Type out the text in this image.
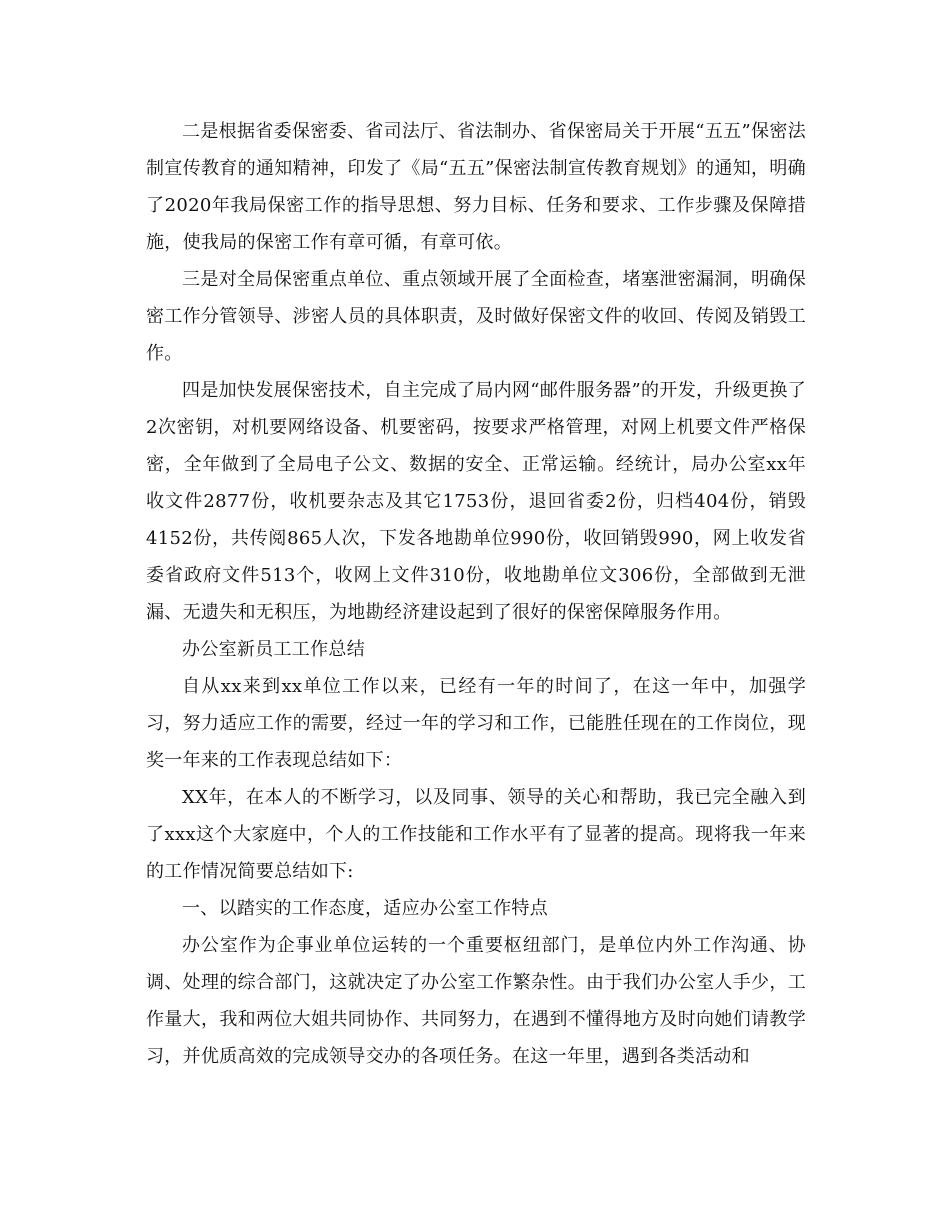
二是根据省委保密委、省司法厅、省法制办、省保密局关于开展“五五”保密法制宣传教育的通知精神，印发了《局“五五”保密法制宣传教育规划》的通知，明确了2020年我局保密工作的指导思想、努力目标、任务和要求、工作步骤及保障措施，使我局的保密工作有章可循，有章可依。

三是对全局保密重点单位、重点领域开展了全面检查，堵塞泄密漏洞，明确保密工作分管领导、涉密人员的具体职责，及时做好保密文件的收回、传阅及销毁工作。

四是加快发展保密技术，自主完成了局内网“邮件服务器”的开发，升级更换了2次密钥，对机要网络设备、机要密码，按要求严格管理，对网上机要文件严格保密，全年做到了全局电子公文、数据的安全、正常运输。经统计，局办公室xx年收文件2877份，收机要杂志及其它1753份，退回省委2份，归档404份，销毁4152份，共传阅865人次，下发各地勘单位990份，收回销毁990，网上收发省委省政府文件513个，收网上文件310份，收地勘单位文306份，全部做到无泄漏、无遗失和无积压，为地勘经济建设起到了很好的保密保障服务作用。

办公室新员工工作总结

自从xx来到xx单位工作以来，已经有一年的时间了，在这一年中，加强学习，努力适应工作的需要，经过一年的学习和工作，已能胜任现在的工作岗位，现奖一年来的工作表现总结如下：

XX年，在本人的不断学习，以及同事、领导的关心和帮助，我已完全融入到了xxx这个大家庭中，个人的工作技能和工作水平有了显著的提高。现将我一年来的工作情况简要总结如下:

一、以踏实的工作态度，适应办公室工作特点

办公室作为企事业单位运转的一个重要枢纽部门，是单位内外工作沟通、协调、处理的综合部门，这就决定了办公室工作繁杂性。由于我们办公室人手少，工作量大，我和两位大姐共同协作、共同努力，在遇到不懂得地方及时向她们请教学习，并优质高效的完成领导交办的各项任务。在这一年里，遇到各类活动和
